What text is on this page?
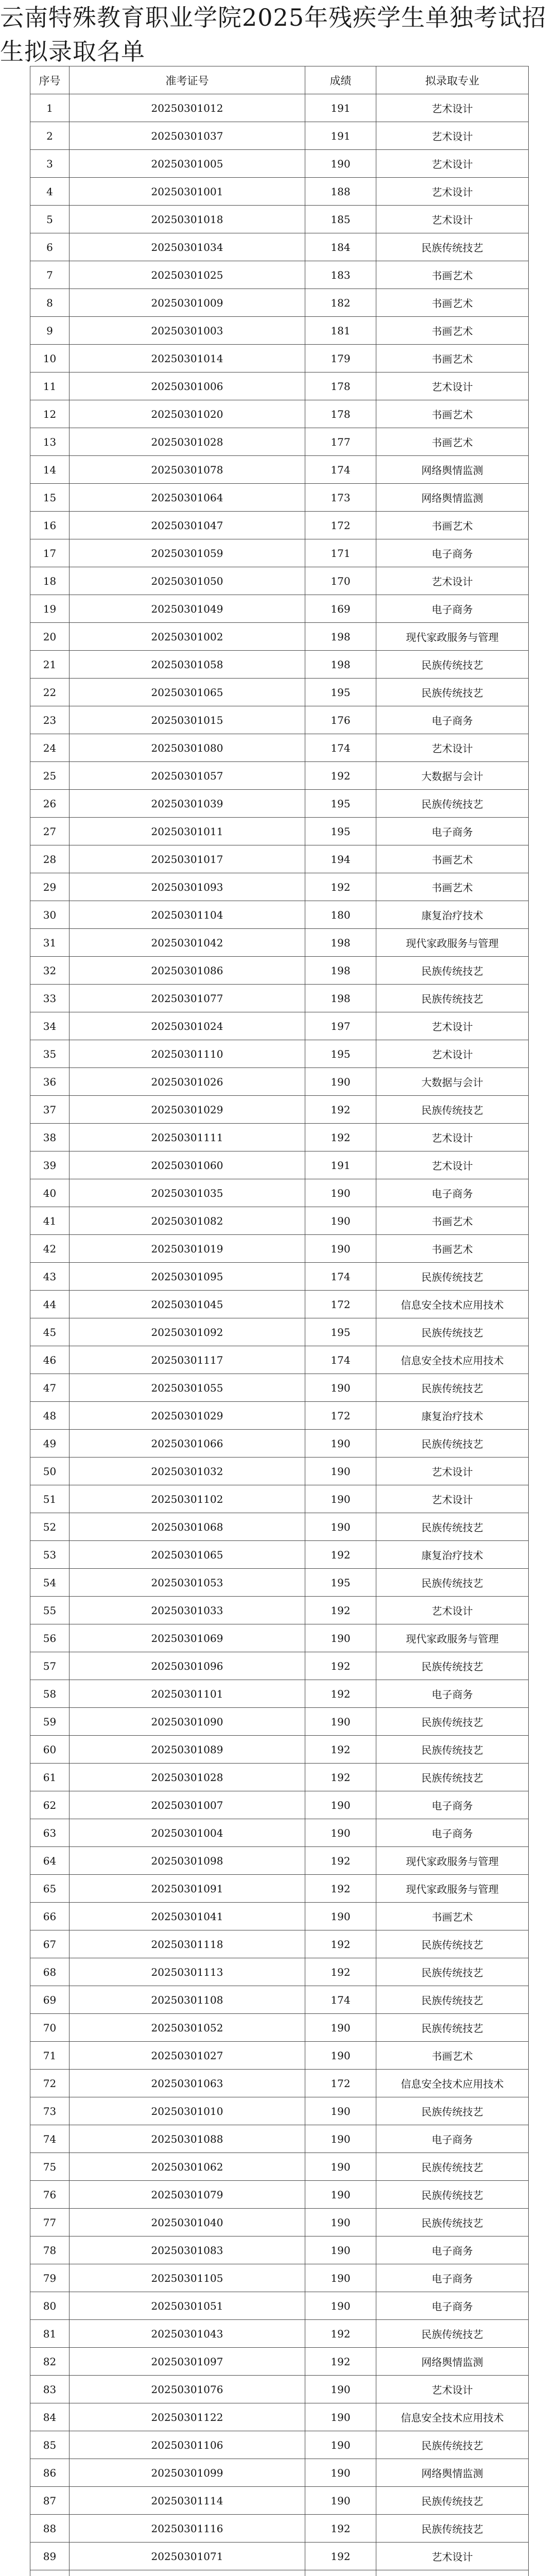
云南特殊教育职业学院2025年残疾学生单独考试招生拟录取名单
序号	准考证号	成绩	拟录取专业
1	20250301012	191	艺术设计
2	20250301037	191	艺术设计
3	20250301005	190	艺术设计
4	20250301001	188	艺术设计
5	20250301018	185	艺术设计
6	20250301034	184	民族传统技艺
7	20250301025	183	书画艺术
8	20250301009	182	书画艺术
9	20250301003	181	书画艺术
10	20250301014	179	书画艺术
11	20250301006	178	艺术设计
12	20250301020	178	书画艺术
13	20250301028	177	书画艺术
14	20250301078	174	网络舆情监测
15	20250301064	173	网络舆情监测
16	20250301047	172	书画艺术
17	20250301059	171	电子商务
18	20250301050	170	艺术设计
19	20250301049	169	电子商务
20	20250301002	198	现代家政服务与管理
21	20250301058	198	民族传统技艺
22	20250301065	195	民族传统技艺
23	20250301015	176	电子商务
24	20250301080	174	艺术设计
25	20250301057	192	大数据与会计
26	20250301039	195	民族传统技艺
27	20250301011	195	电子商务
28	20250301017	194	书画艺术
29	20250301093	192	书画艺术
30	20250301104	180	康复治疗技术
31	20250301042	198	现代家政服务与管理
32	20250301086	198	民族传统技艺
33	20250301077	198	民族传统技艺
34	20250301024	197	艺术设计
35	20250301110	195	艺术设计
36	20250301026	190	大数据与会计
37	20250301029	192	民族传统技艺
38	20250301111	192	艺术设计
39	20250301060	191	艺术设计
40	20250301035	190	电子商务
41	20250301082	190	书画艺术
42	20250301019	190	书画艺术
43	20250301095	174	民族传统技艺
44	20250301045	172	信息安全技术应用技术
45	20250301092	195	民族传统技艺
46	20250301117	174	信息安全技术应用技术
47	20250301055	190	民族传统技艺
48	20250301029	172	康复治疗技术
49	20250301066	190	民族传统技艺
50	20250301032	190	艺术设计
51	20250301102	190	艺术设计
52	20250301068	190	民族传统技艺
53	20250301065	192	康复治疗技术
54	20250301053	195	民族传统技艺
55	20250301033	192	艺术设计
56	20250301069	190	现代家政服务与管理
57	20250301096	192	民族传统技艺
58	20250301101	192	电子商务
59	20250301090	190	民族传统技艺
60	20250301089	192	民族传统技艺
61	20250301028	192	民族传统技艺
62	20250301007	190	电子商务
63	20250301004	190	电子商务
64	20250301098	192	现代家政服务与管理
65	20250301091	192	现代家政服务与管理
66	20250301041	190	书画艺术
67	20250301118	192	民族传统技艺
68	20250301113	192	民族传统技艺
69	20250301108	174	民族传统技艺
70	20250301052	190	民族传统技艺
71	20250301027	190	书画艺术
72	20250301063	172	信息安全技术应用技术
73	20250301010	190	民族传统技艺
74	20250301088	190	电子商务
75	20250301062	190	民族传统技艺
76	20250301079	190	民族传统技艺
77	20250301040	190	民族传统技艺
78	20250301083	190	电子商务
79	20250301105	190	电子商务
80	20250301051	190	电子商务
81	20250301043	192	民族传统技艺
82	20250301097	192	网络舆情监测
83	20250301076	190	艺术设计
84	20250301122	190	信息安全技术应用技术
85	20250301106	190	民族传统技艺
86	20250301099	190	网络舆情监测
87	20250301114	190	民族传统技艺
88	20250301116	192	民族传统技艺
89	20250301071	192	艺术设计
